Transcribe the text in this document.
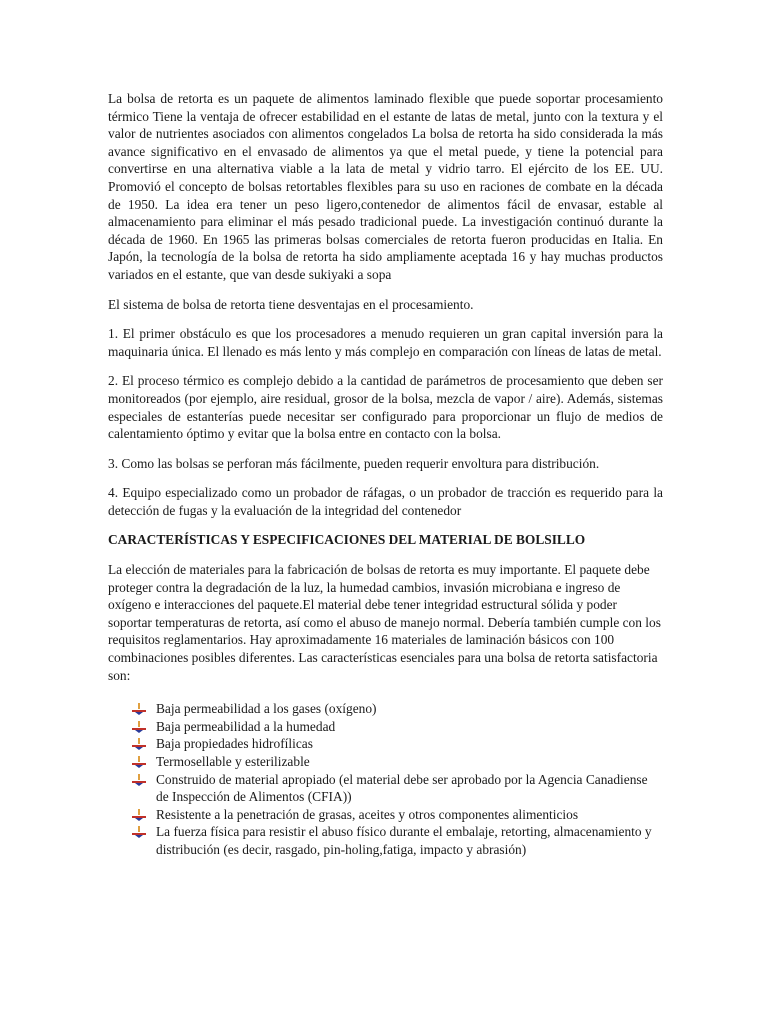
La bolsa de retorta es un paquete de alimentos laminado flexible que puede soportar procesamiento térmico Tiene la ventaja de ofrecer estabilidad en el estante de latas de metal, junto con la textura y el valor de nutrientes asociados con alimentos congelados La bolsa de retorta ha sido considerada la más avance significativo en el envasado de alimentos ya que el metal puede, y tiene la potencial para convertirse en una alternativa viable a la lata de metal y vidrio tarro. El ejército de los EE. UU. Promovió el concepto de bolsas retortables flexibles para su uso en raciones de combate en la década de 1950. La idea era tener un peso ligero,contenedor de alimentos fácil de envasar, estable al almacenamiento para eliminar el más pesado tradicional puede. La investigación continuó durante la década de 1960. En 1965 las primeras bolsas comerciales de retorta fueron producidas en Italia. En Japón, la tecnología de la bolsa de retorta ha sido ampliamente aceptada 16 y hay muchas productos variados en el estante, que van desde sukiyaki a sopa

El sistema de bolsa de retorta tiene desventajas en el procesamiento.

1. El primer obstáculo es que los procesadores a menudo requieren un gran capital inversión para la maquinaria única. El llenado es más lento y más complejo en comparación con líneas de latas de metal.

2. El proceso térmico es complejo debido a la cantidad de parámetros de procesamiento que deben ser monitoreados (por ejemplo, aire residual, grosor de la bolsa, mezcla de vapor / aire). Además, sistemas especiales de estanterías puede necesitar ser configurado para proporcionar un flujo de medios de calentamiento óptimo y evitar que la bolsa entre en contacto con la bolsa.

3. Como las bolsas se perforan más fácilmente, pueden requerir envoltura para distribución.

4. Equipo especializado como un probador de ráfagas, o un probador de tracción es requerido para la detección de fugas y la evaluación de la integridad del contenedor

CARACTERÍSTICAS Y ESPECIFICACIONES DEL MATERIAL DE BOLSILLO

La elección de materiales para la fabricación de bolsas de retorta es muy importante. El paquete debe proteger contra la degradación de la luz, la humedad cambios, invasión microbiana e ingreso de oxígeno e interacciones del paquete.El material debe tener integridad estructural sólida y poder soportar temperaturas de retorta, así como el abuso de manejo normal. Debería también cumple con los requisitos reglamentarios. Hay aproximadamente 16 materiales de laminación básicos con 100 combinaciones posibles diferentes. Las características esenciales para una bolsa de retorta satisfactoria son:

Baja permeabilidad a los gases (oxígeno)
Baja permeabilidad a la humedad
Baja propiedades hidrofílicas
Termosellable y esterilizable
Construido de material apropiado (el material debe ser aprobado por la Agencia Canadiense de Inspección de Alimentos (CFIA))
Resistente a la penetración de grasas, aceites y otros componentes alimenticios
La fuerza física para resistir el abuso físico durante el embalaje, retorting, almacenamiento y distribución (es decir, rasgado, pin-holing,fatiga, impacto y abrasión)
